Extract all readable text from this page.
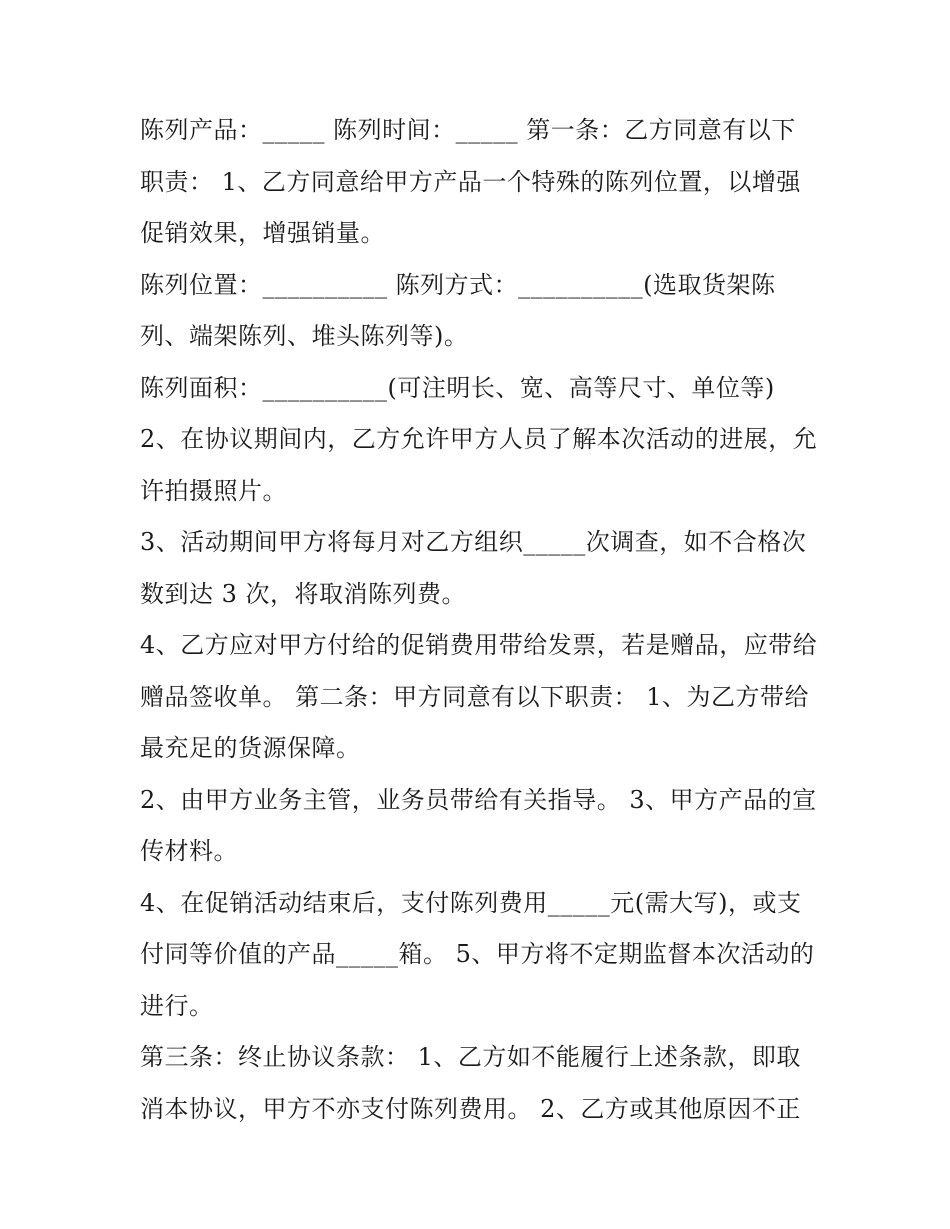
陈列产品：_____ 陈列时间：_____ 第一条：乙方同意有以下职责： 1、乙方同意给甲方产品一个特殊的陈列位置，以增强促销效果，增强销量。

陈列位置：__________ 陈列方式：__________(选取货架陈列、端架陈列、堆头陈列等)。

陈列面积：__________(可注明长、宽、高等尺寸、单位等)

2、在协议期间内，乙方允许甲方人员了解本次活动的进展，允许拍摄照片。

3、活动期间甲方将每月对乙方组织_____次调查，如不合格次数到达 3 次，将取消陈列费。

4、乙方应对甲方付给的促销费用带给发票，若是赠品，应带给赠品签收单。 第二条：甲方同意有以下职责： 1、为乙方带给最充足的货源保障。

2、由甲方业务主管，业务员带给有关指导。 3、甲方产品的宣传材料。

4、在促销活动结束后，支付陈列费用_____元(需大写)，或支付同等价值的产品_____箱。 5、甲方将不定期监督本次活动的进行。

第三条：终止协议条款： 1、乙方如不能履行上述条款，即取消本协议，甲方不亦支付陈列费用。 2、乙方或其他原因不正
